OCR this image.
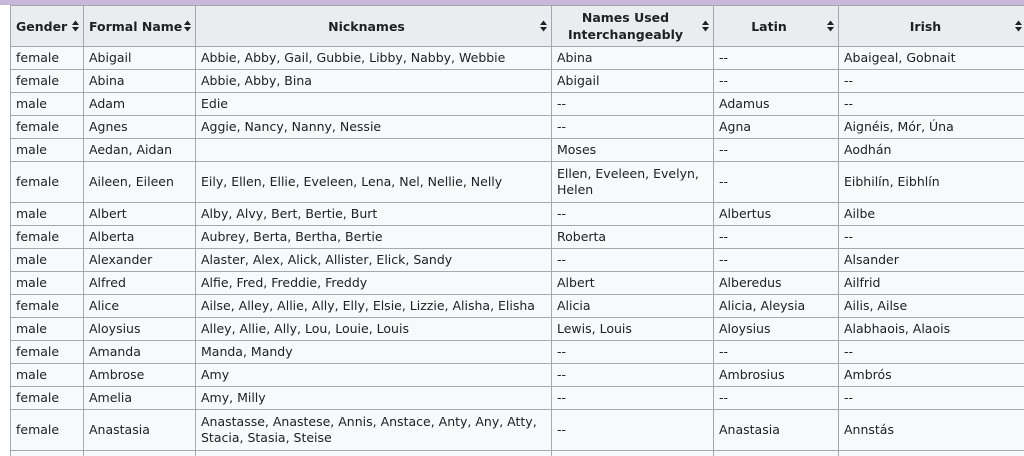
Gender	Formal Name	Nicknames	Names Used Interchangeably	Latin	Irish

female	Abigail	Abbie, Abby, Gail, Gubbie, Libby, Nabby, Webbie	Abina	--	Abaigeal, Gobnait
female	Abina	Abbie, Abby, Bina	Abigail	--	--
male	Adam	Edie	--	Adamus	--
female	Agnes	Aggie, Nancy, Nanny, Nessie	--	Agna	Aignéis, Mór, Úna
male	Aedan, Aidan		Moses	--	Aodhán
female	Aileen, Eileen	Eily, Ellen, Ellie, Eveleen, Lena, Nel, Nellie, Nelly	Ellen, Eveleen, Evelyn, Helen	--	Eibhilín, Eibhlín
male	Albert	Alby, Alvy, Bert, Bertie, Burt	--	Albertus	Ailbe
female	Alberta	Aubrey, Berta, Bertha, Bertie	Roberta	--	--
male	Alexander	Alaster, Alex, Alick, Allister, Elick, Sandy	--	--	Alsander
male	Alfred	Alfie, Fred, Freddie, Freddy	Albert	Alberedus	Ailfrid
female	Alice	Ailse, Alley, Allie, Ally, Elly, Elsie, Lizzie, Alisha, Elisha	Alicia	Alicia, Aleysia	Ailis, Ailse
male	Aloysius	Alley, Allie, Ally, Lou, Louie, Louis	Lewis, Louis	Aloysius	Alabhaois, Alaois
female	Amanda	Manda, Mandy	--	--	--
male	Ambrose	Amy	--	Ambrosius	Ambrós
female	Amelia	Amy, Milly	--	--	--
female	Anastasia	Anastasse, Anastese, Annis, Anstace, Anty, Any, Atty, Stacia, Stasia, Steise	--	Anastasia	Annstás
